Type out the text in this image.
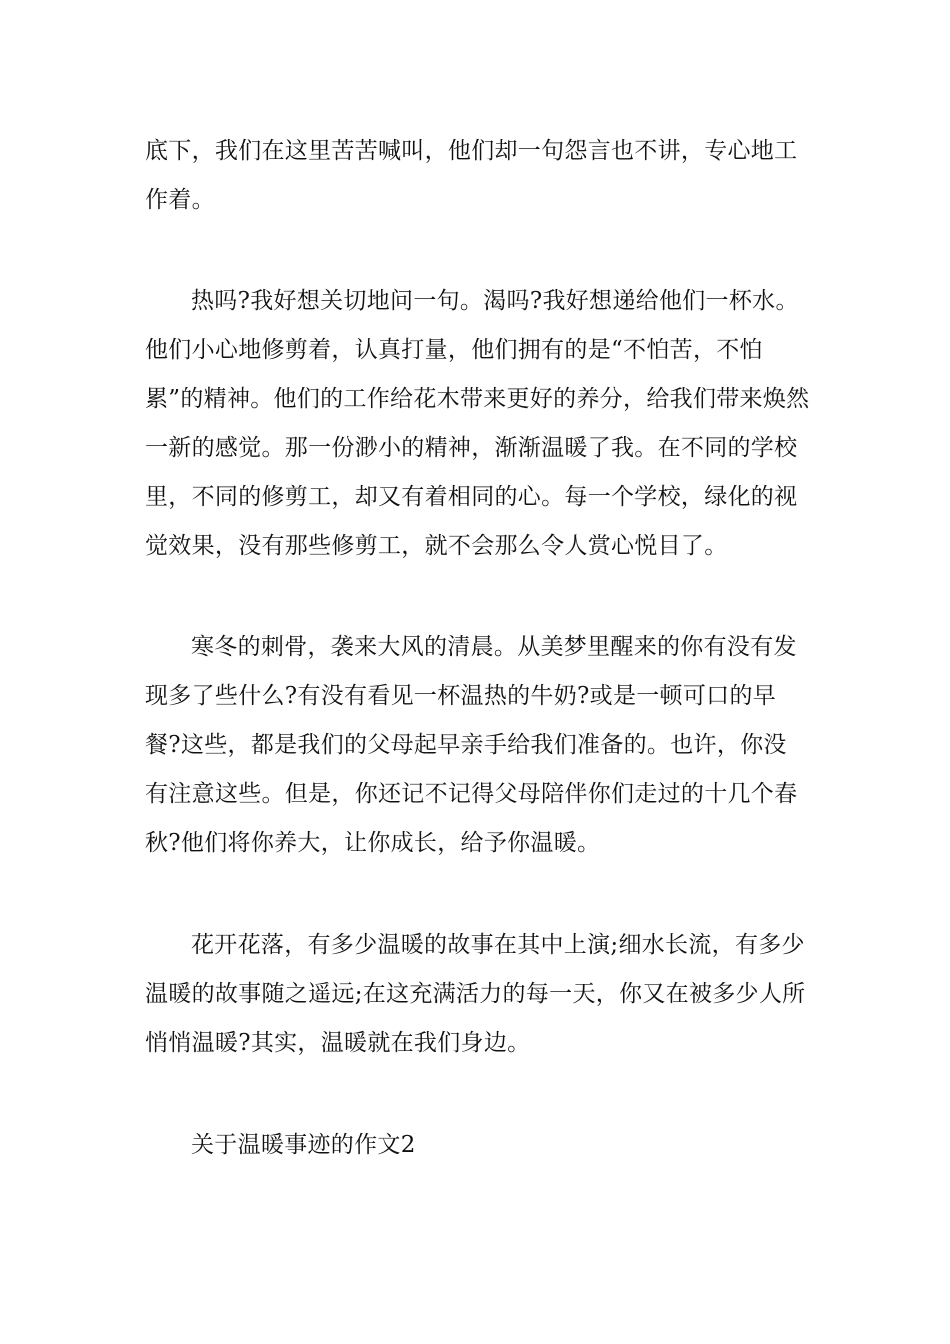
底下，我们在这里苦苦喊叫，他们却一句怨言也不讲，专心地工作着。

热吗?我好想关切地问一句。渴吗?我好想递给他们一杯水。他们小心地修剪着，认真打量，他们拥有的是“不怕苦，不怕累”的精神。他们的工作给花木带来更好的养分，给我们带来焕然一新的感觉。那一份渺小的精神，渐渐温暖了我。在不同的学校里，不同的修剪工，却又有着相同的心。每一个学校，绿化的视觉效果，没有那些修剪工，就不会那么令人赏心悦目了。

寒冬的刺骨，袭来大风的清晨。从美梦里醒来的你有没有发现多了些什么?有没有看见一杯温热的牛奶?或是一顿可口的早餐?这些，都是我们的父母起早亲手给我们准备的。也许，你没有注意这些。但是，你还记不记得父母陪伴你们走过的十几个春秋?他们将你养大，让你成长，给予你温暖。

花开花落，有多少温暖的故事在其中上演;细水长流，有多少温暖的故事随之遥远;在这充满活力的每一天，你又在被多少人所悄悄温暖?其实，温暖就在我们身边。

关于温暖事迹的作文2
